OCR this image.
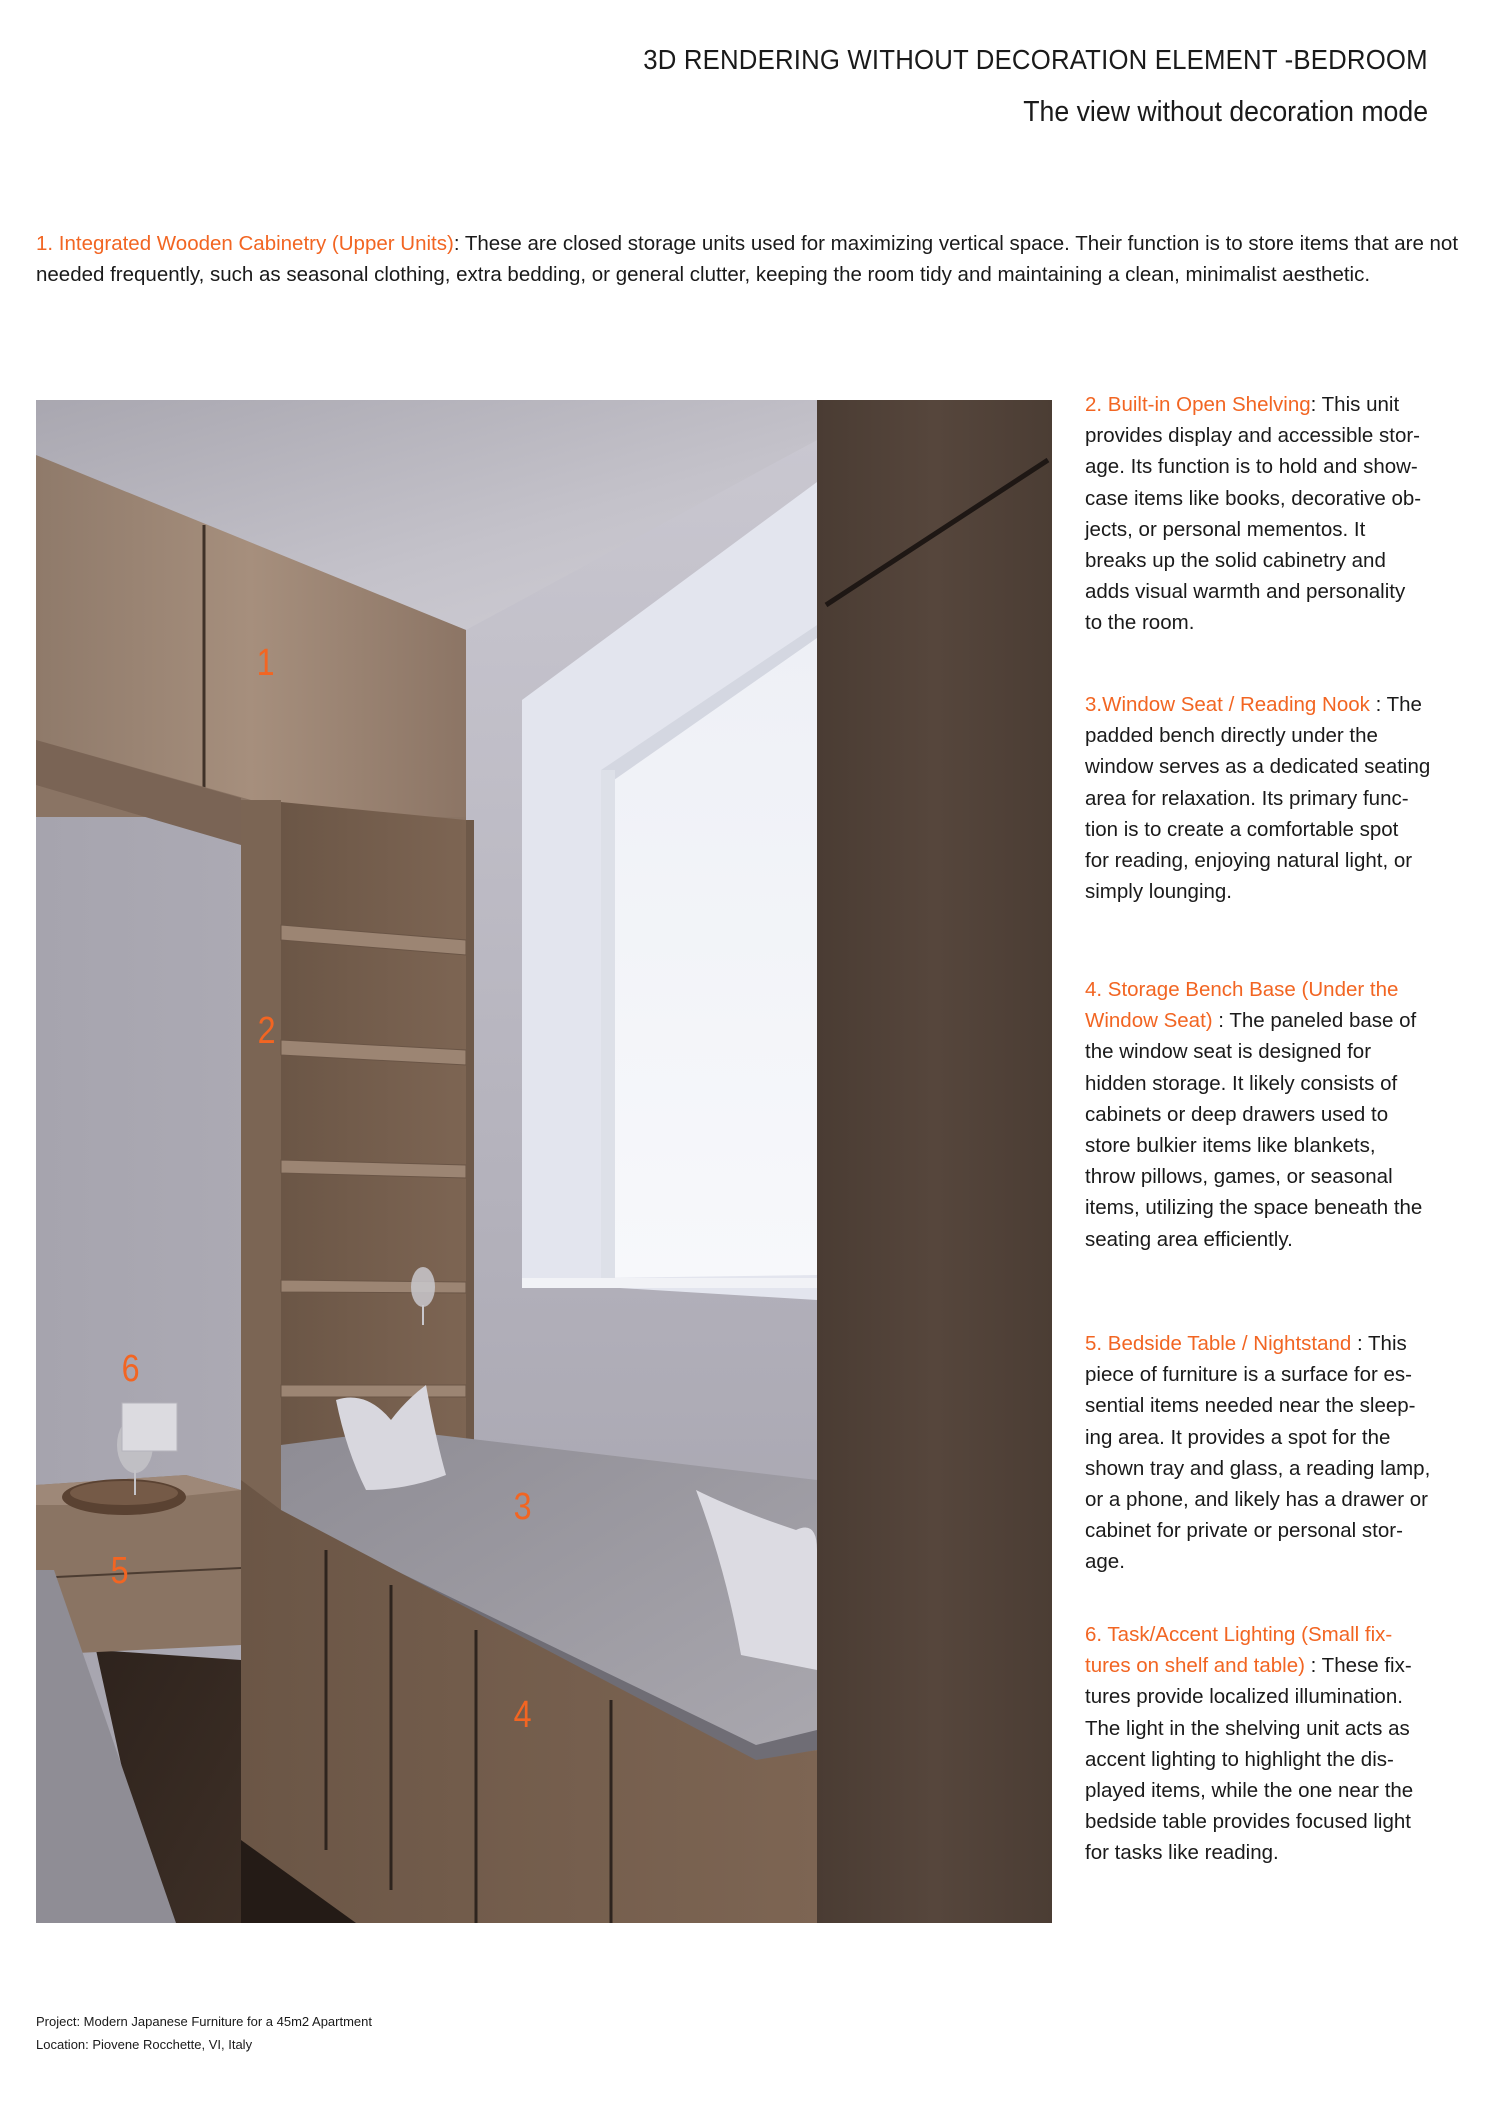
3D RENDERING WITHOUT DECORATION ELEMENT -BEDROOM
The view without decoration mode

1. Integrated Wooden Cabinetry (Upper Units): These are closed storage units used for maximizing vertical space. Their function is to store items that are not

needed frequently, such as seasonal clothing, extra bedding, or general clutter, keeping the room tidy and maintaining a clean, minimalist aesthetic.

1
2
3
4
5
6

2. Built-in Open Shelving: This unit

provides display and accessible stor-

age. Its function is to hold and show-

case items like books, decorative ob-

jects, or personal mementos. It

breaks up the solid cabinetry and

adds visual warmth and personality

to the room.

3.Window Seat / Reading Nook : The

padded bench directly under the

window serves as a dedicated seating

area for relaxation. Its primary func-

tion is to create a comfortable spot

for reading, enjoying natural light, or

simply lounging.

4. Storage Bench Base (Under the

Window Seat) : The paneled base of

the window seat is designed for

hidden storage. It likely consists of

cabinets or deep drawers used to

store bulkier items like blankets,

throw pillows, games, or seasonal

items, utilizing the space beneath the

seating area efficiently.

5. Bedside Table / Nightstand : This

piece of furniture is a surface for es-

sential items needed near the sleep-

ing area. It provides a spot for the

shown tray and glass, a reading lamp,

or a phone, and likely has a drawer or

cabinet for private or personal stor-

age.

6. Task/Accent Lighting (Small fix-

tures on shelf and table) : These fix-

tures provide localized illumination.

The light in the shelving unit acts as

accent lighting to highlight the dis-

played items, while the one near the

bedside table provides focused light

for tasks like reading.

Project: Modern Japanese Furniture for a 45m2 Apartment

Location: Piovene Rocchette, VI, Italy
